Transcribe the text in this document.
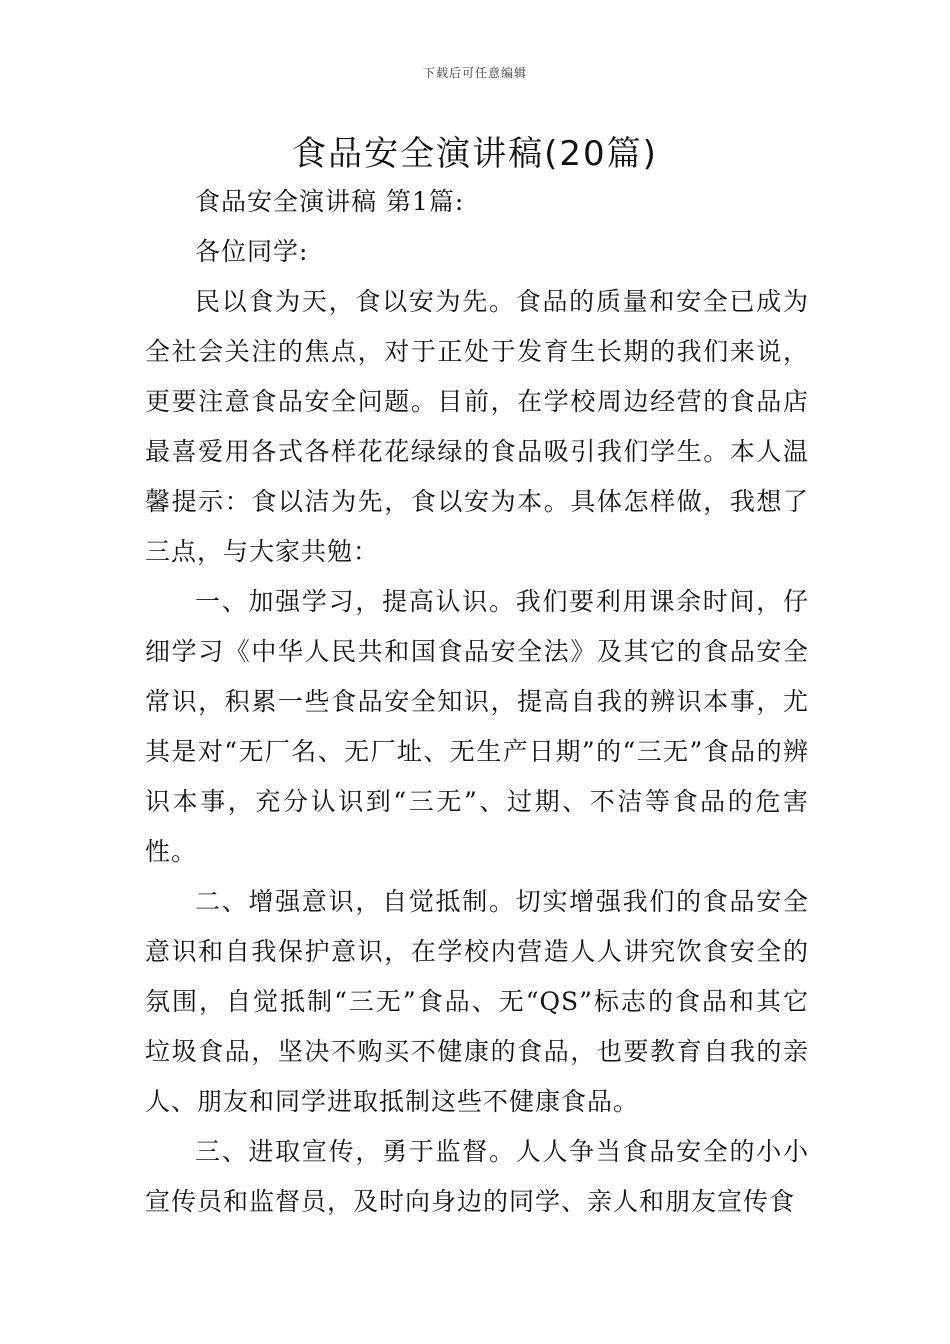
下载后可任意编辑
食品安全演讲稿(20篇)

食品安全演讲稿 第1篇:

各位同学:

民以食为天，食以安为先。食品的质量和安全已成为全社会关注的焦点，对于正处于发育生长期的我们来说，更要注意食品安全问题。目前，在学校周边经营的食品店最喜爱用各式各样花花绿绿的食品吸引我们学生。本人温馨提示：食以洁为先，食以安为本。具体怎样做，我想了三点，与大家共勉：

一、加强学习，提高认识。我们要利用课余时间，仔细学习《中华人民共和国食品安全法》及其它的食品安全常识，积累一些食品安全知识，提高自我的辨识本事，尤其是对“无厂名、无厂址、无生产日期”的“三无”食品的辨识本事，充分认识到“三无”、过期、不洁等食品的危害性。

二、增强意识，自觉抵制。切实增强我们的食品安全意识和自我保护意识，在学校内营造人人讲究饮食安全的氛围，自觉抵制“三无”食品、无“QS”标志的食品和其它垃圾食品，坚决不购买不健康的食品，也要教育自我的亲人、朋友和同学进取抵制这些不健康食品。

三、进取宣传，勇于监督。人人争当食品安全的小小宣传员和监督员，及时向身边的同学、亲人和朋友宣传食
